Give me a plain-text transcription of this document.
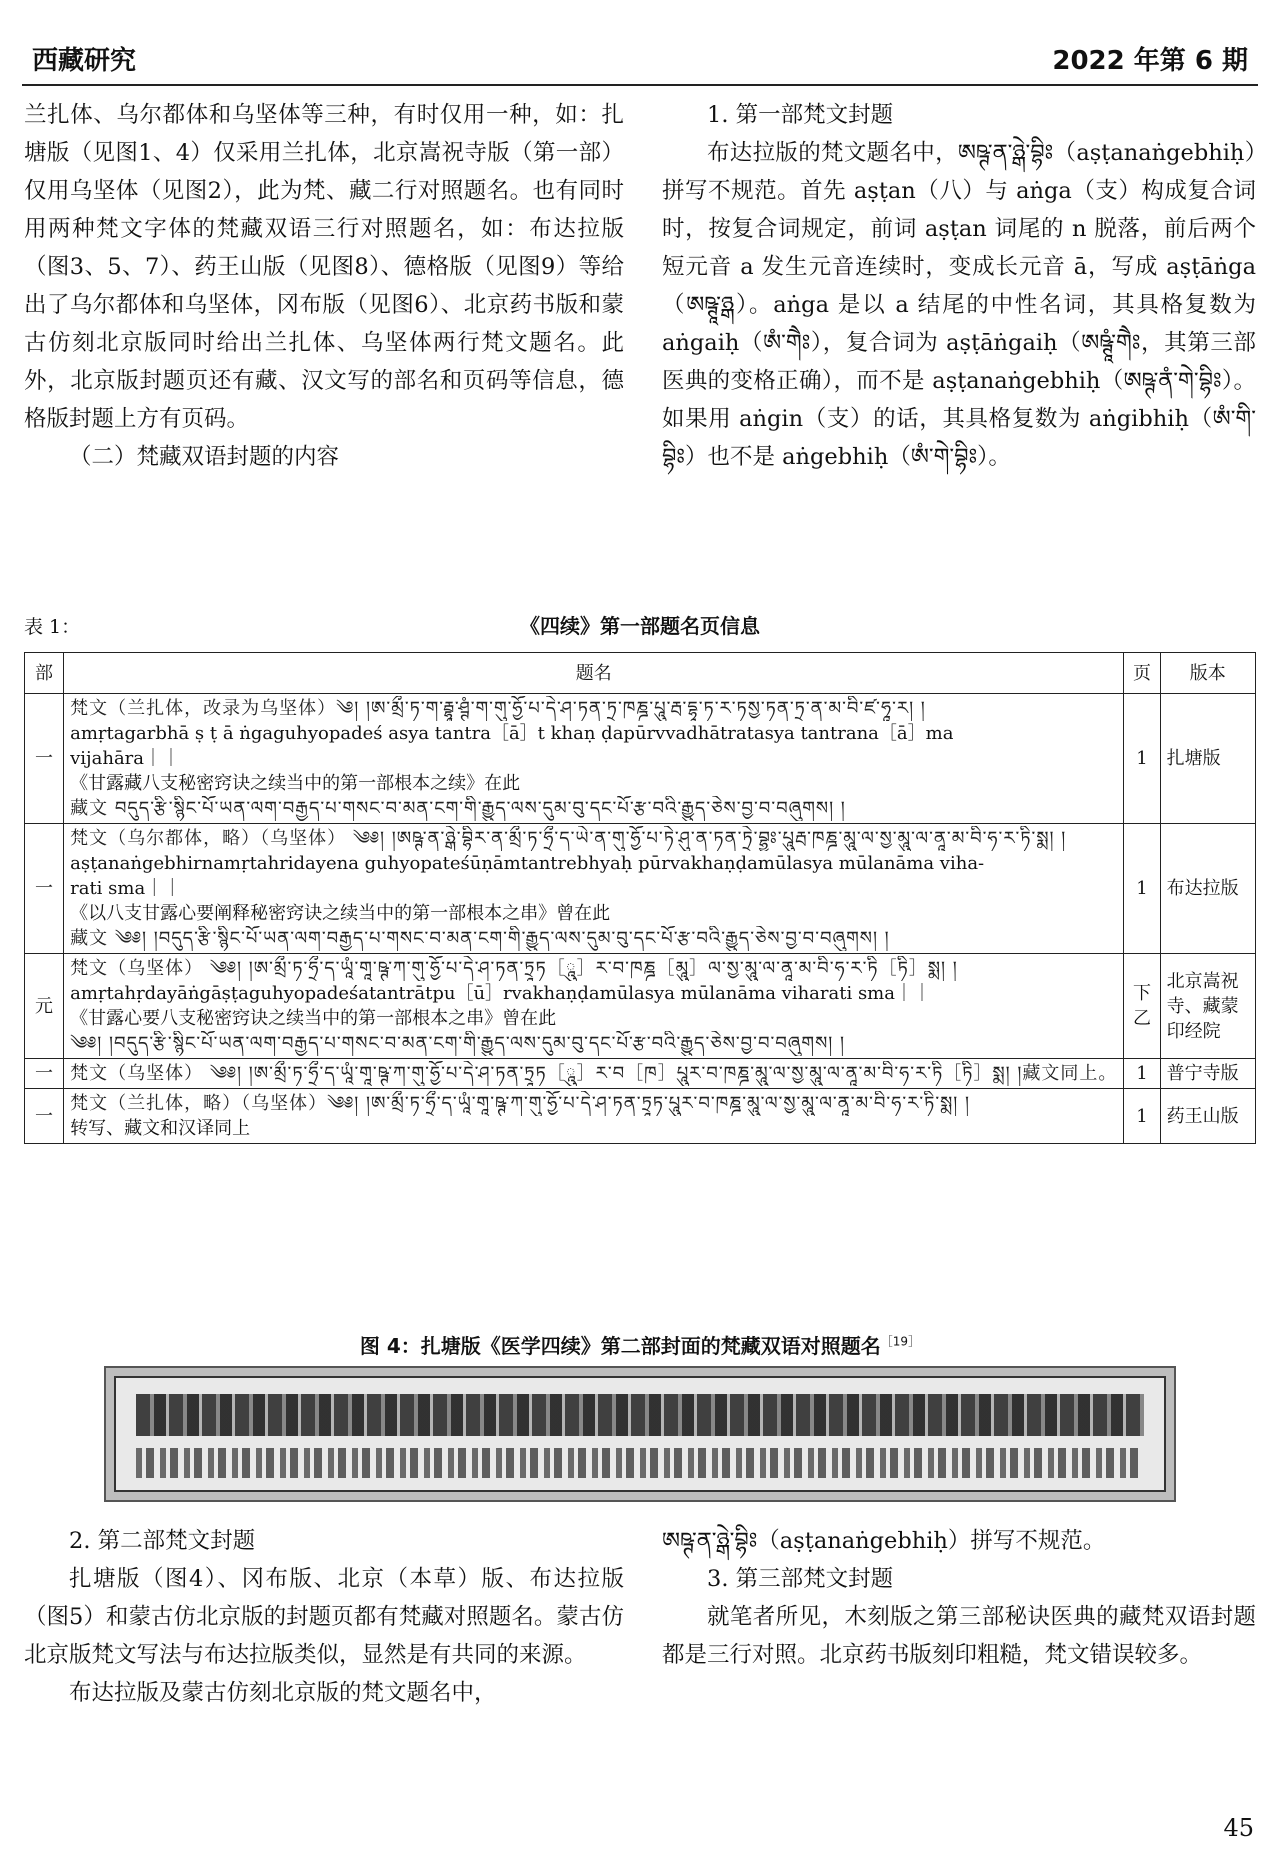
西藏研究	2022 年第 6 期

兰扎体、乌尔都体和乌坚体等三种，有时仅用一种，如：扎塘版（见图1、4）仅采用兰扎体，北京嵩祝寺版（第一部）仅用乌坚体（见图2），此为梵、藏二行对照题名。也有同时用两种梵文字体的梵藏双语三行对照题名，如：布达拉版（图3、5、7）、药王山版（见图8）、德格版（见图9）等给出了乌尔都体和乌坚体，冈布版（见图6）、北京药书版和蒙古仿刻北京版同时给出兰扎体、乌坚体两行梵文题名。此外，北京版封题页还有藏、汉文写的部名和页码等信息，德格版封题上方有页码。

（二）梵藏双语封题的内容

1. 第一部梵文封题

布达拉版的梵文题名中，ཨཥྚ་ན་ཉྒེ་བྷིཿ（aṣṭanaṅgebhiḥ）拼写不规范。首先 aṣṭan（八）与 aṅga（支）构成复合词时，按复合词规定，前词 aṣṭan 词尾的 n 脱落，前后两个短元音 a 发生元音连续时，变成长元音 ā，写成 aṣṭāṅga（ཨཥྚཱ་ཉྒ）。aṅga 是以 a 结尾的中性名词，其具格复数为 aṅgaiḥ（ཨཾ་གཻཿ），复合词为 aṣṭāṅgaiḥ（ཨཥྚཱཾ་གཻཿ，其第三部医典的变格正确），而不是 aṣṭanaṅgebhiḥ（ཨཥྚ་ནཾ་གེ་བྷིཿ）。如果用 aṅgin（支）的话，其具格复数为 aṅgibhiḥ（ཨཾ་གི་བྷིཿ）也不是 aṅgebhiḥ（ཨཾ་གེ་བྷིཿ）。

表 1：	《四续》第一部题名页信息
部	题名	页	版本
一	梵文（兰扎体，改录为乌坚体）༄། །ཨ་མྲྀ་ཏ་ག་རྦྷཱ་ཤྚཱཾ་ག་གུ་ཧྱོ་པ་དེ་ཤ་ཏན་ཏྲ་ཁཎྜ་པཱུ་རྦ་དྷཱ་ཏ་ར་ཏསྱ་ཏན་ཏྲ་ན་མ་བི་ཛ་ཧཱ་ར། །
amṛtagarbhā ṣ ṭ ā ṅgaguhyopadeś asya tantra［ā］t khaṇ ḍapūrvvadhātratasya tantrana［ā］ma
vijahāra｜｜
《甘露藏八支秘密窍诀之续当中的第一部根本之续》在此
藏文 བདུད་རྩི་སྙིང་པོ་ཡན་ལག་བརྒྱད་པ་གསང་བ་མན་ངག་གི་རྒྱུད་ལས་དུམ་བུ་དང་པོ་རྩ་བའི་རྒྱུད་ཅེས་བྱ་བ་བཞུགས། །	1	扎塘版
一	梵文（乌尔都体，略）（乌坚体） ༄༅། །ཨཥྚ་ན་ཉྒེ་བྷིར་ན་མྲྀ་ཏ་ཧྲྀ་ད་ཡེ་ན་གུ་ཧྱོ་པ་ཏེ་ཤུ་ན་ཏན་ཏྲེ་བྷྱཿ་པཱུརྦ་ཁཎྜ་མཱུ་ལ་སྱ་མཱུ་ལ་ནཱ་མ་བི་ཧ་ར་ཏི་སྨ། །
aṣṭanaṅgebhirnamṛtahridayena guhyopateśūṇāmtantrebhyaḥ pūrvakhaṇḍamūlasya mūlanāma viha-
rati sma｜｜
《以八支甘露心要阐释秘密窍诀之续当中的第一部根本之串》曾在此
藏文 ༄༅། །བདུད་རྩི་སྙིང་པོ་ཡན་ལག་བརྒྱད་པ་གསང་བ་མན་ངག་གི་རྒྱུད་ལས་དུམ་བུ་དང་པོ་རྩ་བའི་རྒྱུད་ཅེས་བྱ་བ་བཞུགས། །	1	布达拉版
元	梵文（乌坚体） ༄༅། །ཨ་མྲྀ་ཏ་ཧྲྀ་ད་ཡཱཾ་གཱ་ཥྚ་ཀ་གུ་ཧྱོ་པ་དེ་ཤ་ཏན་ཏྲཱཏ［ཱུ］ར་བ་ཁཎྜ［མཱུ］ལ་སྱ་མཱུ་ལ་ནཱ་མ་བི་ཧ་ར་ཏི［ཏི］སྨ། །
amṛtahṛdayāṅgāṣṭaguhyopadeśatantrātpu［ū］rvakhaṇḍamūlasya mūlanāma viharati sma｜｜
《甘露心要八支秘密窍诀之续当中的第一部根本之串》曾在此
༄༅། །བདུད་རྩི་སྙིང་པོ་ཡན་ལག་བརྒྱད་པ་གསང་བ་མན་ངག་གི་རྒྱུད་ལས་དུམ་བུ་དང་པོ་རྩ་བའི་རྒྱུད་ཅེས་བྱ་བ་བཞུགས། །	下乙	北京嵩祝寺、藏蒙印经院
一	梵文（乌坚体） ༄༅། །ཨ་མྲྀ་ཏ་ཧྲྀ་ད་ཡཱཾ་གཱ་ཥྚ་ཀ་གུ་ཧྱོ་པ་དེ་ཤ་ཏན་ཏྲཱཏ［ཱུ］ར་བ［ཁ］པཱུར་བ་ཁཎྜ་མཱུ་ལ་སྱ་མཱུ་ལ་ནཱ་མ་བི་ཧ་ར་ཏི［ཏི］སྨ། །藏文同上。	1	普宁寺版
一	梵文（兰扎体，略）（乌坚体）༄༅། །ཨ་མྲྀ་ཏ་ཧྲྀ་ད་ཡཱཾ་གཱ་ཥྚ་ཀ་གུ་ཧྱོ་པ་དེ་ཤ་ཏན་ཏྲཱཏ་པཱུར་བ་ཁཎྜ་མཱུ་ལ་སྱ་མཱུ་ལ་ནཱ་མ་བི་ཧ་ར་ཏི་སྨ། །
转写、藏文和汉译同上	1	药王山版
图 4：扎塘版《医学四续》第二部封面的梵藏双语对照题名$^{[19]}$

2. 第二部梵文封题

扎塘版（图4）、冈布版、北京（本草）版、布达拉版（图5）和蒙古仿北京版的封题页都有梵藏对照题名。蒙古仿北京版梵文写法与布达拉版类似，显然是有共同的来源。

布达拉版及蒙古仿刻北京版的梵文题名中，

ཨཥྚ་ན་ཉྒེ་བྷིཿ（aṣṭanaṅgebhiḥ）拼写不规范。

3. 第三部梵文封题

就笔者所见，木刻版之第三部秘诀医典的藏梵双语封题都是三行对照。北京药书版刻印粗糙，梵文错误较多。

45
